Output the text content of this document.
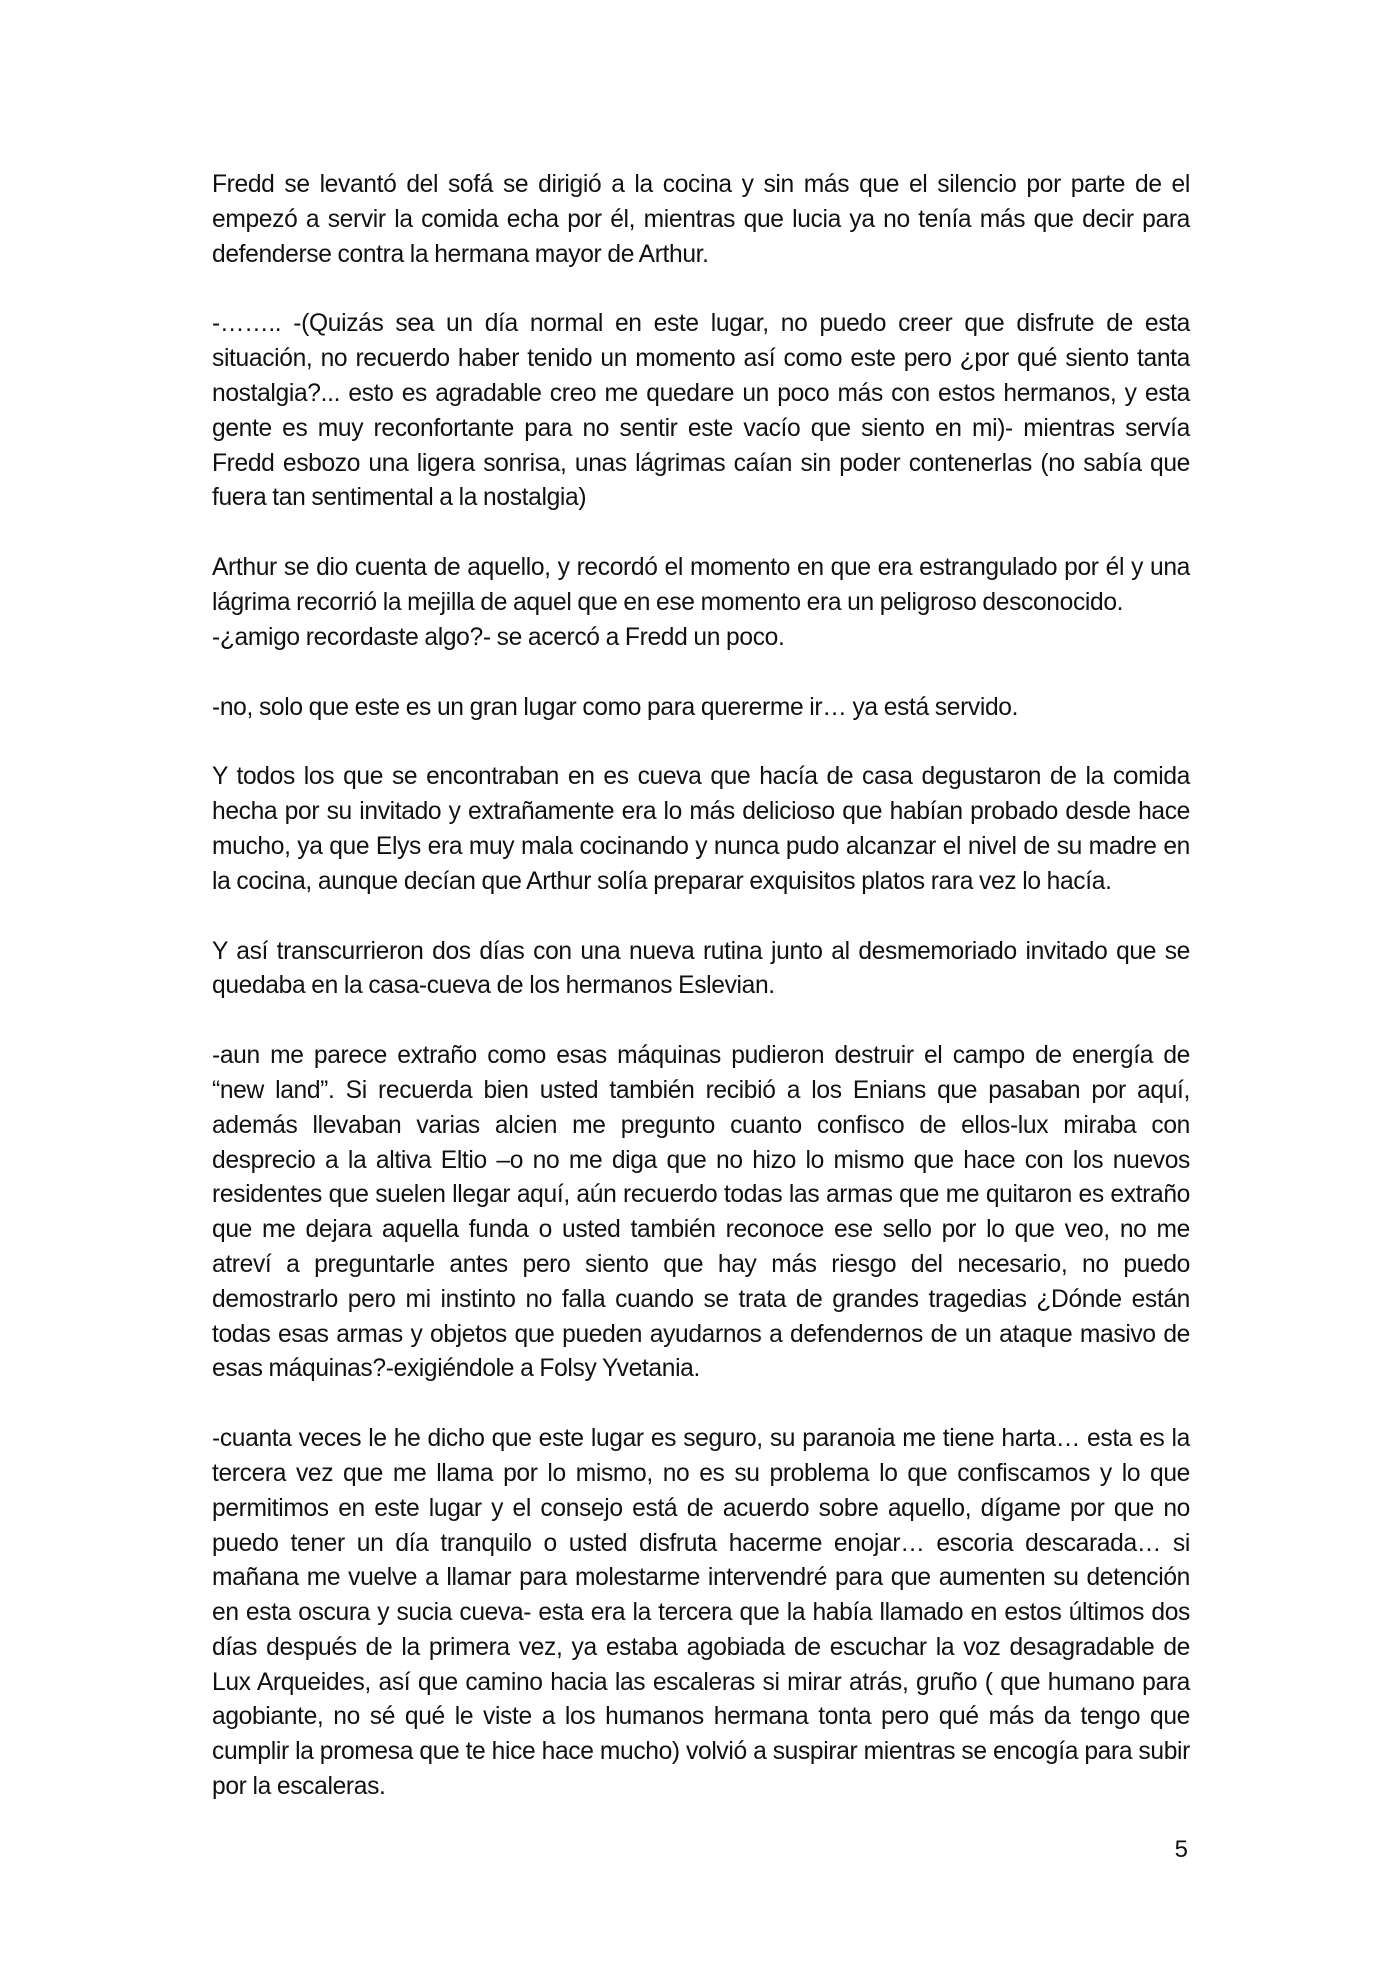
Fredd se levantó del sofá se dirigió a la cocina y sin más que el silencio por parte de el empezó a servir la comida echa por él, mientras que lucia ya no tenía más que decir para defenderse contra la hermana mayor de Arthur.

-…….. -(Quizás sea un día normal en este lugar, no puedo creer que disfrute de esta situación, no recuerdo haber tenido un momento así como este pero ¿por qué siento tanta nostalgia?... esto es agradable creo me quedare un poco más con estos hermanos, y esta gente es muy reconfortante para no sentir este vacío que siento en mi)- mientras servía Fredd esbozo una ligera sonrisa, unas lágrimas caían sin poder contenerlas (no sabía que fuera tan sentimental a la nostalgia)

Arthur se dio cuenta de aquello, y recordó el momento en que era estrangulado por él y una lágrima recorrió la mejilla de aquel que en ese momento era un peligroso desconocido.
-¿amigo recordaste algo?- se acercó a Fredd un poco.

-no, solo que este es un gran lugar como para quererme ir… ya está servido.

Y todos los que se encontraban en es cueva que hacía de casa degustaron de la comida hecha por su invitado y extrañamente era lo más delicioso que habían probado desde hace mucho, ya que Elys era muy mala cocinando y nunca pudo alcanzar el nivel de su madre en la cocina, aunque decían que Arthur solía preparar exquisitos platos rara vez lo hacía.

Y así transcurrieron dos días con una nueva rutina junto al desmemoriado invitado que se quedaba en la casa-cueva de los hermanos Eslevian.

-aun me parece extraño como esas máquinas pudieron destruir el campo de energía de “new land”. Si recuerda bien usted también recibió a los Enians que pasaban por aquí, además llevaban varias alcien me pregunto cuanto confisco de ellos-lux miraba con desprecio a la altiva Eltio –o no me diga que no hizo lo mismo que hace con los nuevos residentes que suelen llegar aquí, aún recuerdo todas las armas que me quitaron es extraño que me dejara aquella funda o usted también reconoce ese sello por lo que veo, no me atreví a preguntarle antes pero siento que hay más riesgo del necesario, no puedo demostrarlo pero mi instinto no falla cuando se trata de grandes tragedias ¿Dónde están todas esas armas y objetos que pueden ayudarnos a defendernos de un ataque masivo de esas máquinas?-exigiéndole a Folsy Yvetania.

-cuanta veces le he dicho que este lugar es seguro, su paranoia me tiene harta… esta es la tercera vez que me llama por lo mismo, no es su problema lo que confiscamos y lo que permitimos en este lugar y el consejo está de acuerdo sobre aquello, dígame por que no puedo tener un día tranquilo o usted disfruta hacerme enojar… escoria descarada… si mañana me vuelve a llamar para molestarme intervendré para que aumenten su detención en esta oscura y sucia cueva- esta era la tercera que la había llamado en estos últimos dos días después de la primera vez, ya estaba agobiada de escuchar la voz desagradable de Lux Arqueides, así que camino hacia las escaleras si mirar atrás, gruño ( que humano para agobiante, no sé qué le viste a los humanos hermana tonta pero qué más da tengo que cumplir la promesa que te hice hace mucho) volvió a suspirar mientras se encogía para subir por la escaleras.

5
